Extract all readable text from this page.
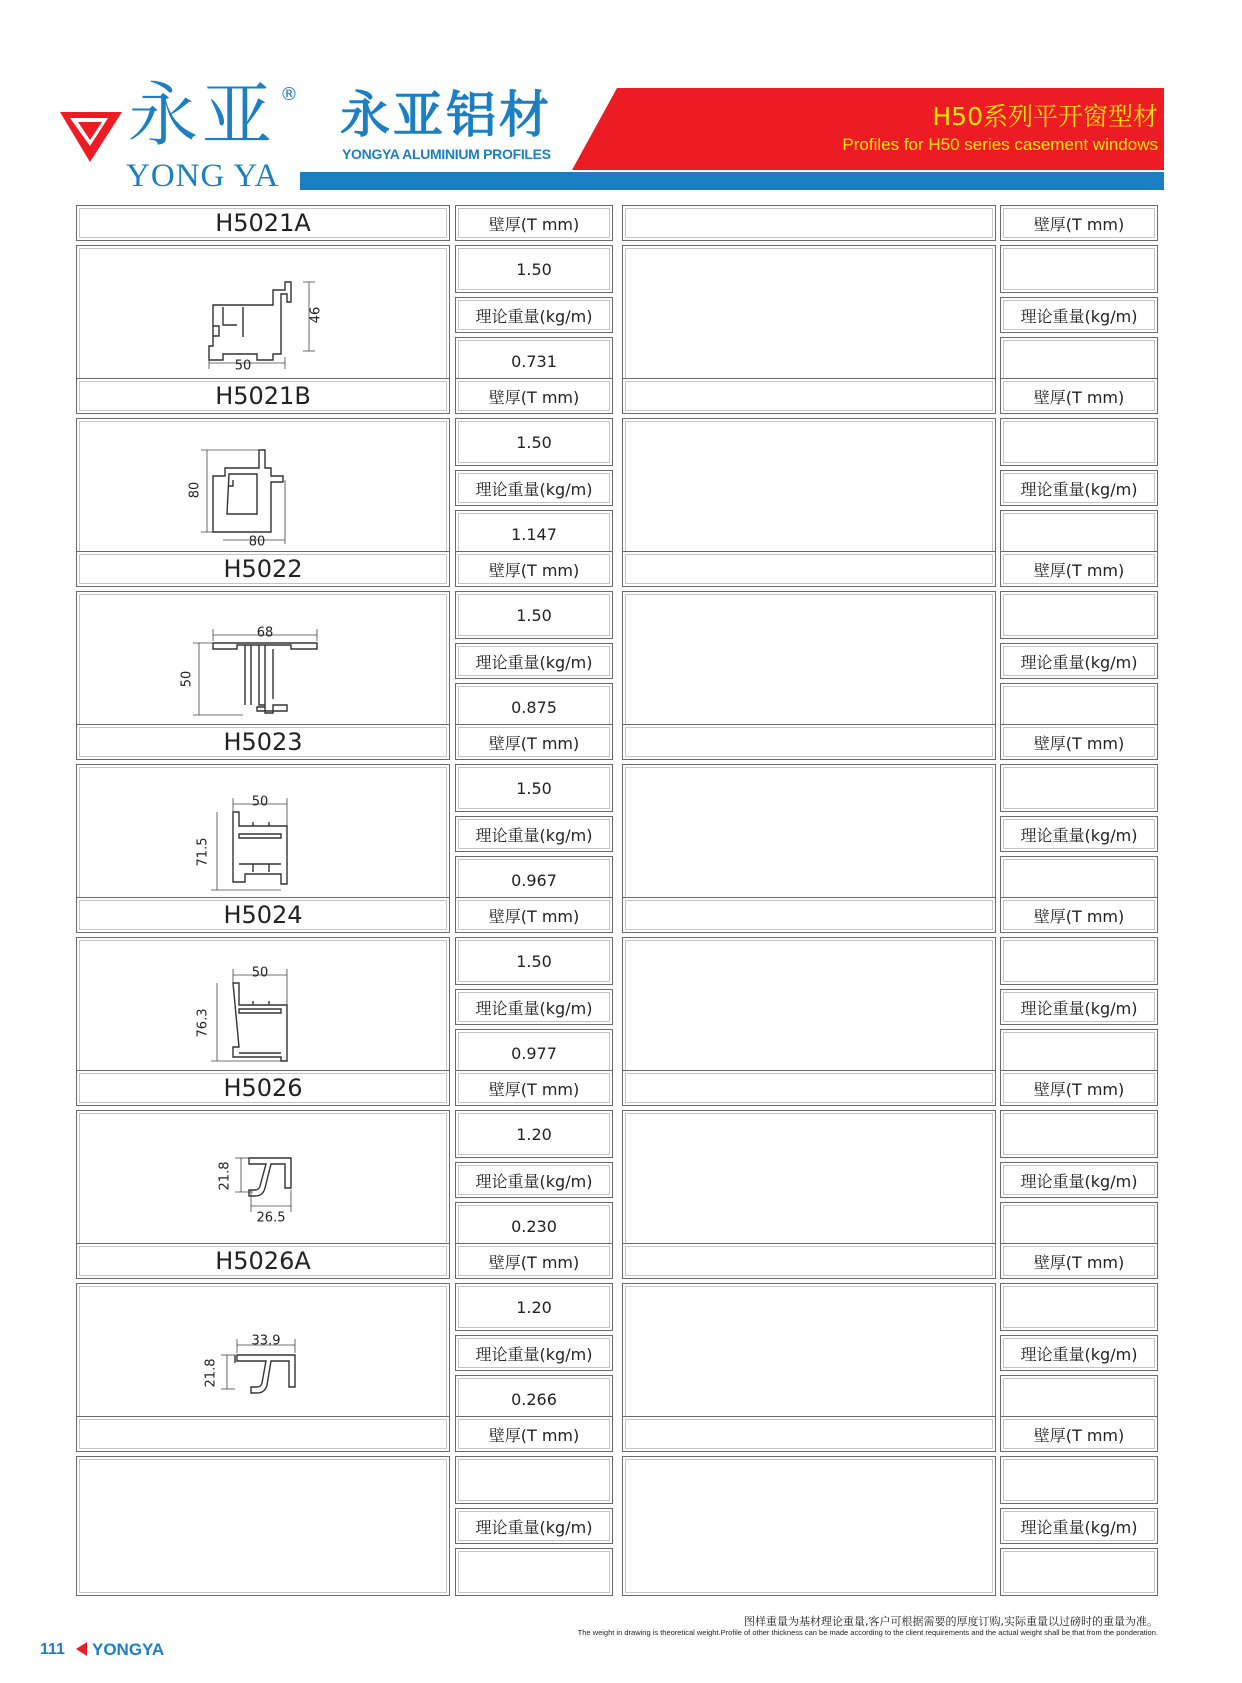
永亚 ®
YONG YA
永亚铝材
YONGYA ALUMINIUM PROFILES
H50系列平开窗型材
Profiles for H50 series casement windows
H5021A
50
46
壁厚(T mm)
1.50
理论重量(kg/m)
0.731
壁厚(T mm)
理论重量(kg/m)
H5021B
80
80
壁厚(T mm)
1.50
理论重量(kg/m)
1.147
壁厚(T mm)
理论重量(kg/m)
H5022
68
50
壁厚(T mm)
1.50
理论重量(kg/m)
0.875
壁厚(T mm)
理论重量(kg/m)
H5023
50
71.5
壁厚(T mm)
1.50
理论重量(kg/m)
0.967
壁厚(T mm)
理论重量(kg/m)
H5024
50
76.3
壁厚(T mm)
1.50
理论重量(kg/m)
0.977
壁厚(T mm)
理论重量(kg/m)
H5026
26.5
21.8
壁厚(T mm)
1.20
理论重量(kg/m)
0.230
壁厚(T mm)
理论重量(kg/m)
H5026A
33.9
21.8
壁厚(T mm)
1.20
理论重量(kg/m)
0.266
壁厚(T mm)
理论重量(kg/m)
壁厚(T mm)
理论重量(kg/m)
壁厚(T mm)
理论重量(kg/m)
111 YONGYA
图样重量为基材理论重量,客户可根据需要的厚度订购,实际重量以过磅时的重量为准。
The weight in drawing is theoretical weight.Profile of other thickness can be made according to the client requirements and the actual weight shall be that from the ponderation.
